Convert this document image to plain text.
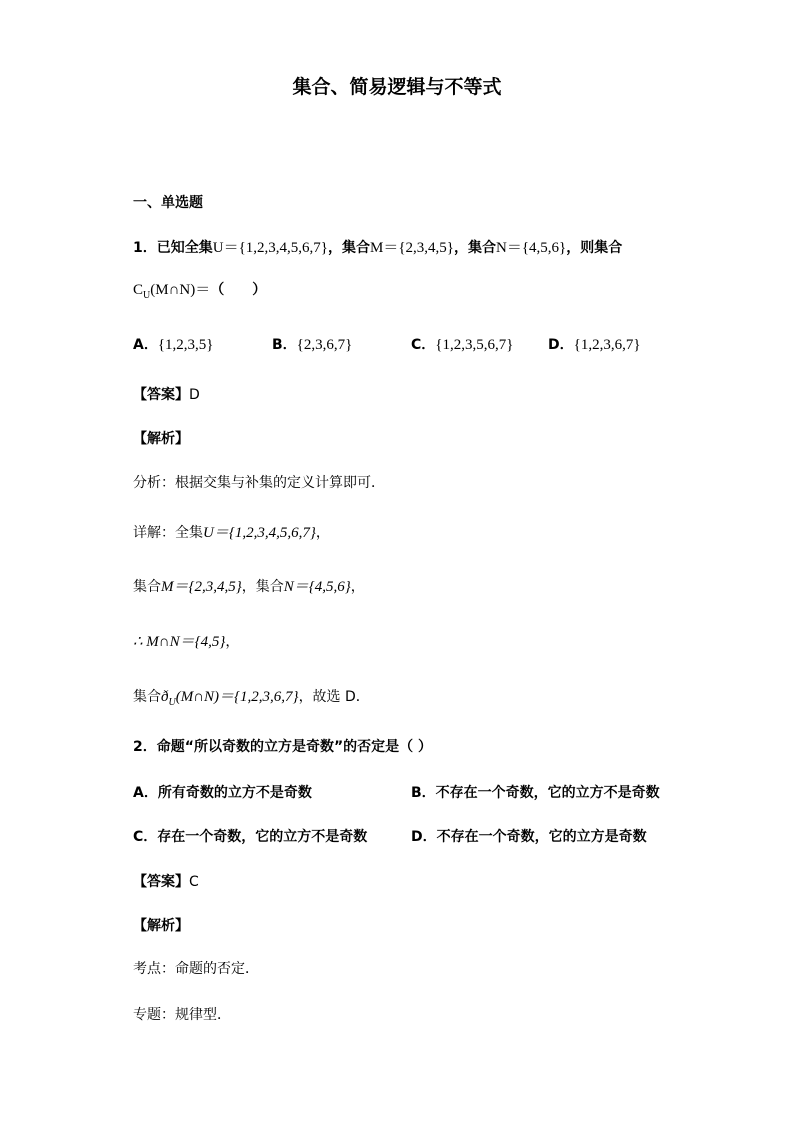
集合、简易逻辑与不等式
一、单选题
1．已知全集U＝{1,2,3,4,5,6,7}，集合M＝{2,3,4,5}，集合N＝{4,5,6}，则集合
$C_U(M\cap N)=$（　　）
A．{1,2,3,5}	B．{2,3,6,7}	C．{1,2,3,5,6,7} D．{1,2,3,6,7}
【答案】D
【解析】
分析：根据交集与补集的定义计算即可．
详解：全集U＝{1,2,3,4,5,6,7}，
集合M＝{2,3,4,5}，集合N＝{4,5,6}，
∴ M∩N＝{4,5}，
集合$ð_U(M\cap N)=\{1,2,3,6,7\}$，故选 D．
2．命题“所以奇数的立方是奇数”的否定是（ ）
A．所有奇数的立方不是奇数	B．不存在一个奇数，它的立方不是奇数
C．存在一个奇数，它的立方不是奇数	D．不存在一个奇数，它的立方是奇数
【答案】C
【解析】
考点：命题的否定．
专题：规律型．
